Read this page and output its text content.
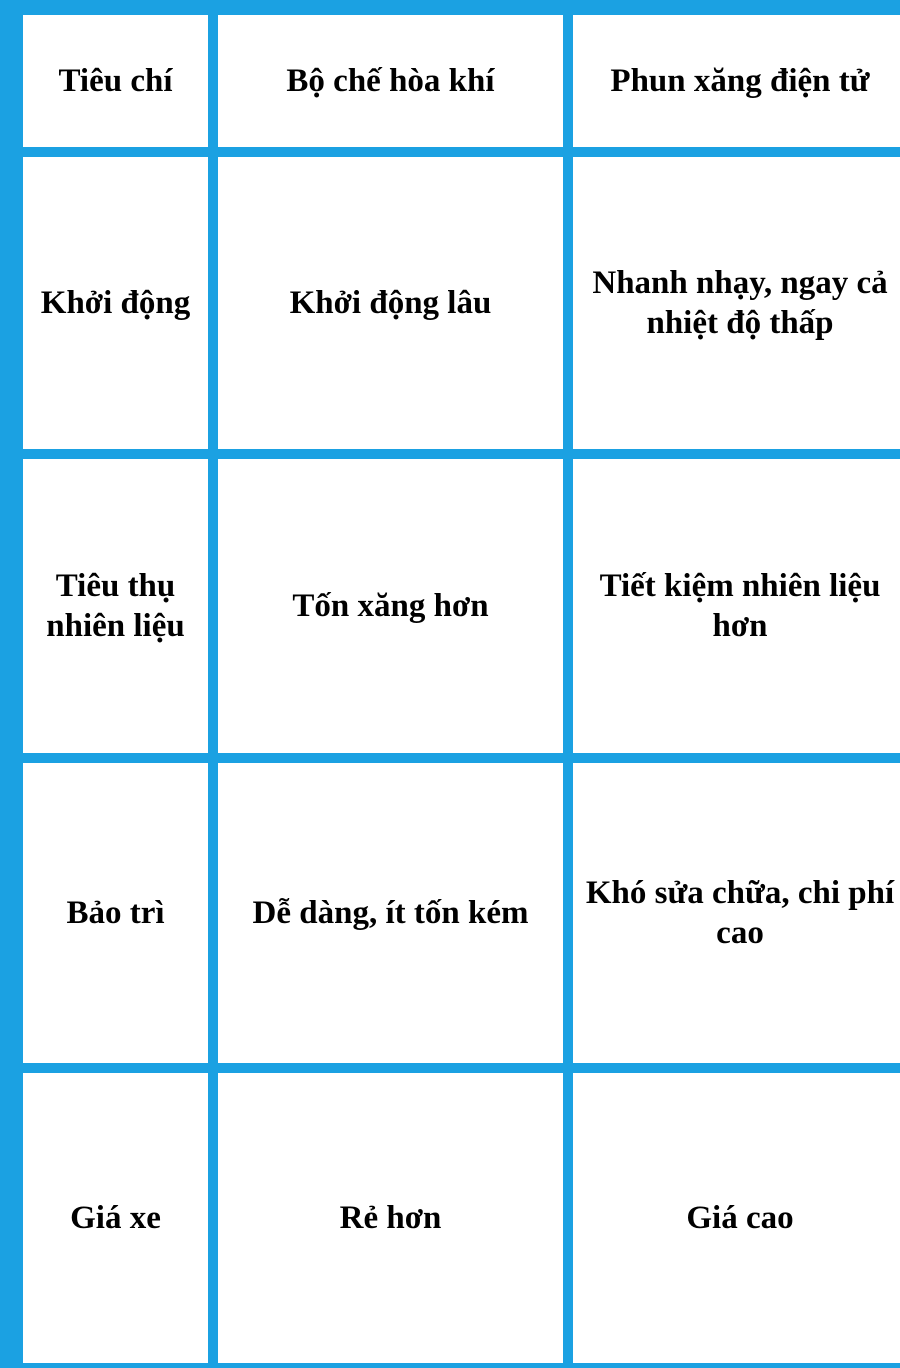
Tiêu chí	Bộ chế hòa khí	Phun xăng điện tử
Khởi động	Khởi động lâu	Nhanh nhạy, ngay cả nhiệt độ thấp
Tiêu thụ nhiên liệu	Tốn xăng hơn	Tiết kiệm nhiên liệu hơn
Bảo trì	Dễ dàng, ít tốn kém	Khó sửa chữa, chi phí cao
Giá xe	Rẻ hơn	Giá cao
